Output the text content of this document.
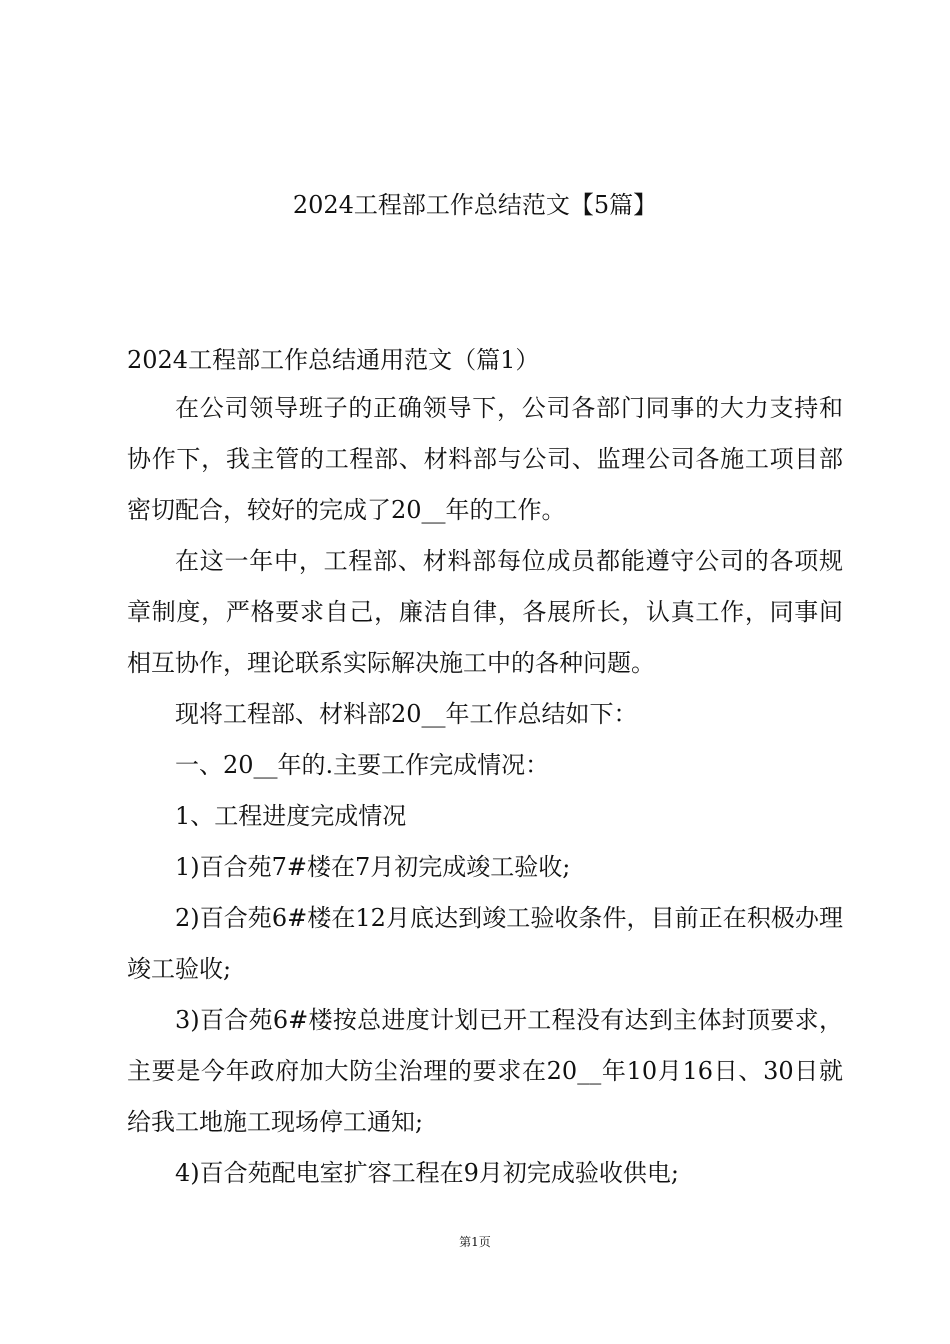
2024工程部工作总结范文【5篇】

2024工程部工作总结通用范文（篇1）

在公司领导班子的正确领导下，公司各部门同事的大力支持和协作下，我主管的工程部、材料部与公司、监理公司各施工项目部密切配合，较好的完成了20__年的工作。

在这一年中，工程部、材料部每位成员都能遵守公司的各项规章制度，严格要求自己，廉洁自律，各展所长，认真工作，同事间相互协作，理论联系实际解决施工中的各种问题。

现将工程部、材料部20__年工作总结如下：

一、20__年的.主要工作完成情况：

1、工程进度完成情况

1)百合苑7#楼在7月初完成竣工验收;

2)百合苑6#楼在12月底达到竣工验收条件，目前正在积极办理竣工验收;

3)百合苑6#楼按总进度计划已开工程没有达到主体封顶要求，主要是今年政府加大防尘治理的要求在20__年10月16日、30日就给我工地施工现场停工通知;

4)百合苑配电室扩容工程在9月初完成验收供电;

第1页
